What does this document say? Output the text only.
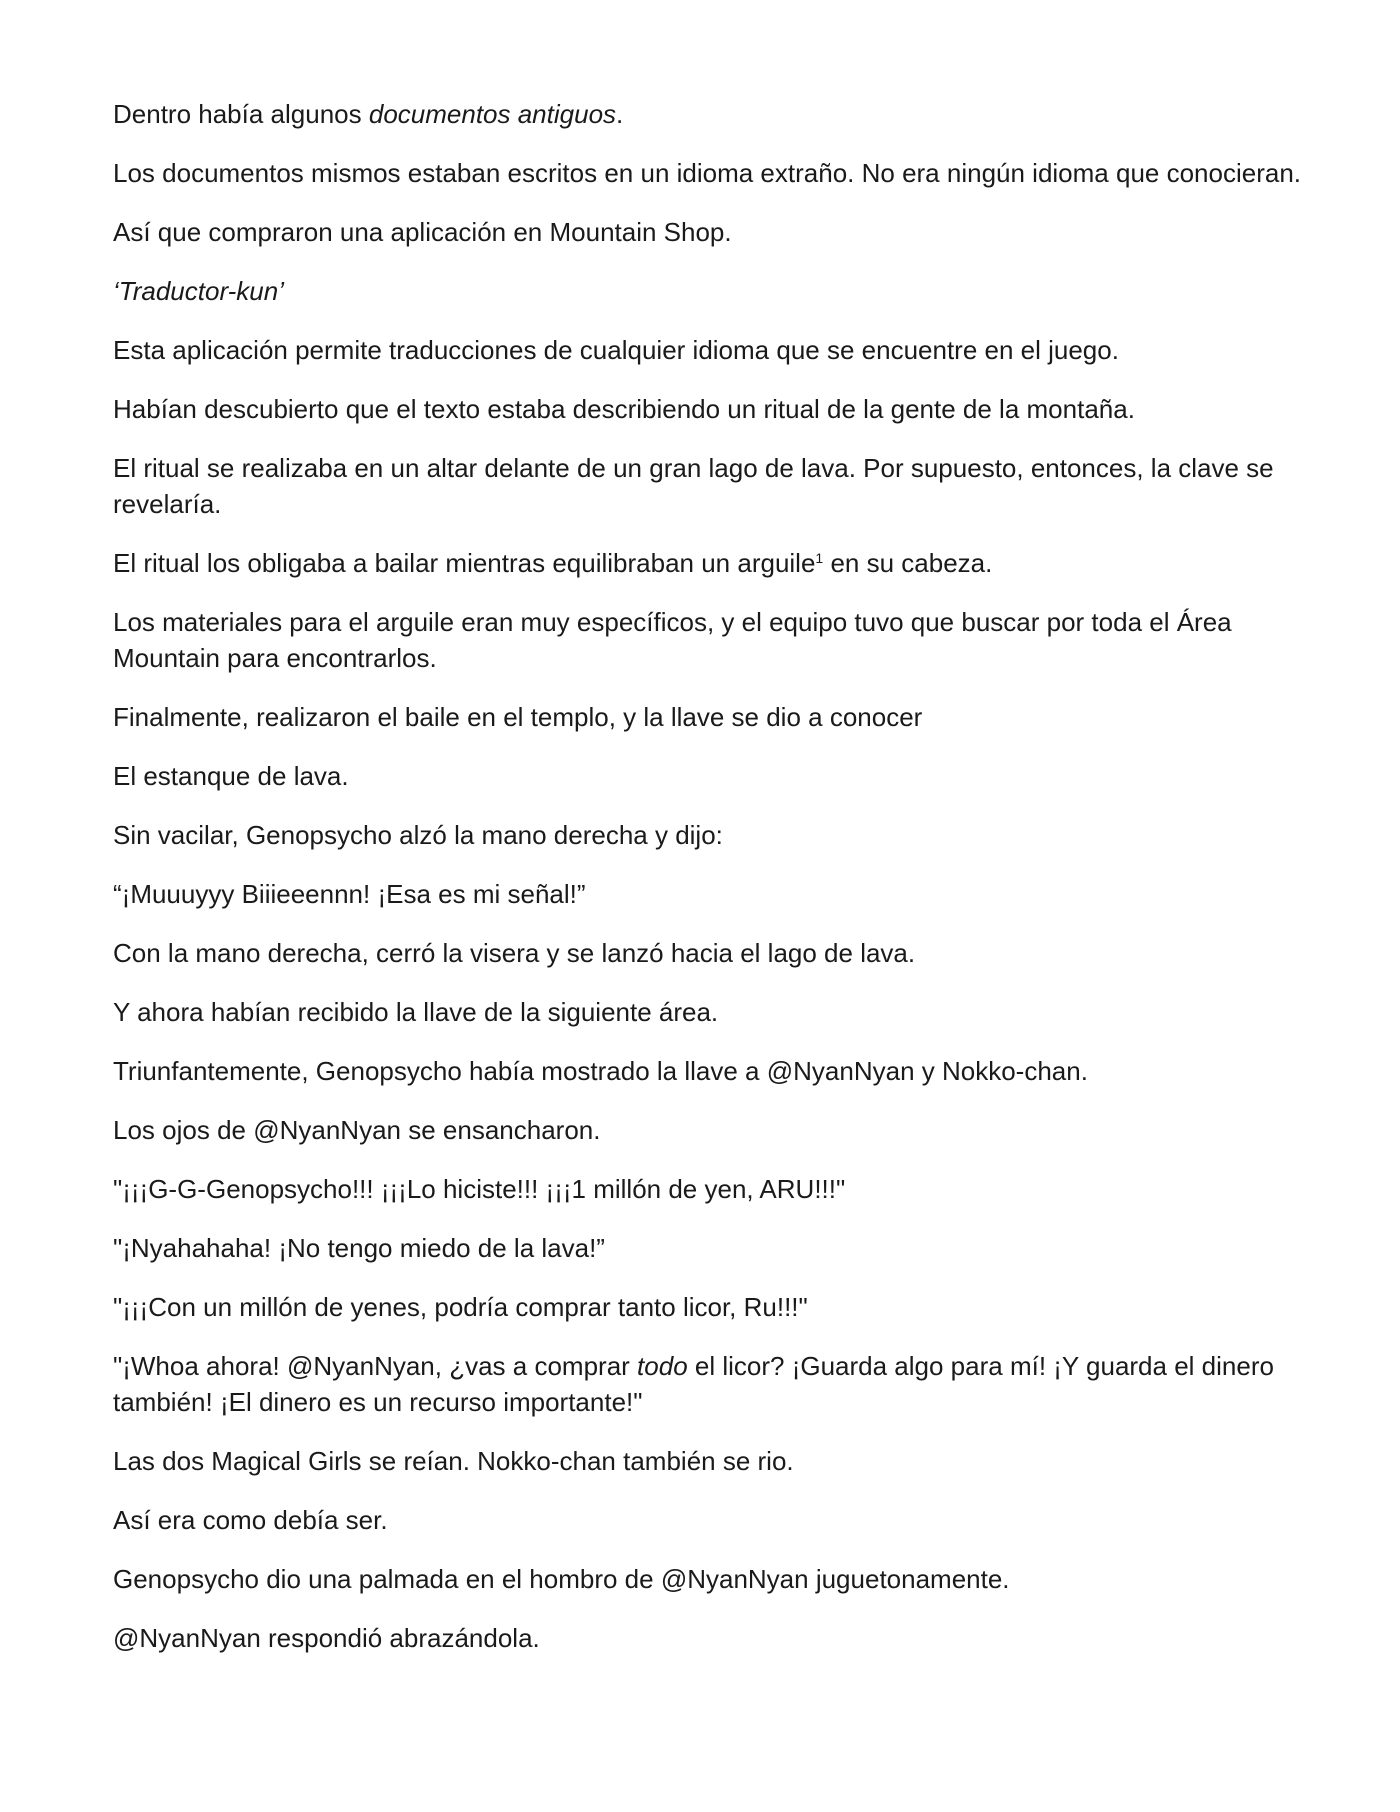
Dentro había algunos documentos antiguos.

Los documentos mismos estaban escritos en un idioma extraño. No era ningún idioma que conocieran.

Así que compraron una aplicación en Mountain Shop.

‘Traductor-kun’

Esta aplicación permite traducciones de cualquier idioma que se encuentre en el juego.

Habían descubierto que el texto estaba describiendo un ritual de la gente de la montaña.

El ritual se realizaba en un altar delante de un gran lago de lava. Por supuesto, entonces, la clave se revelaría.

El ritual los obligaba a bailar mientras equilibraban un arguile$^1$ en su cabeza.

Los materiales para el arguile eran muy específicos, y el equipo tuvo que buscar por toda el Área Mountain para encontrarlos.

Finalmente, realizaron el baile en el templo, y la llave se dio a conocer

El estanque de lava.

Sin vacilar, Genopsycho alzó la mano derecha y dijo:

“¡Muuuyyy Biiieeennn! ¡Esa es mi señal!”

Con la mano derecha, cerró la visera y se lanzó hacia el lago de lava.

Y ahora habían recibido la llave de la siguiente área.

Triunfantemente, Genopsycho había mostrado la llave a @NyanNyan y Nokko-chan.

Los ojos de @NyanNyan se ensancharon.

"¡¡¡G-G-Genopsycho!!! ¡¡¡Lo hiciste!!! ¡¡¡1 millón de yen, ARU!!!"

"¡Nyahahaha! ¡No tengo miedo de la lava!”

"¡¡¡Con un millón de yenes, podría comprar tanto licor, Ru!!!"

"¡Whoa ahora! @NyanNyan, ¿vas a comprar todo el licor? ¡Guarda algo para mí! ¡Y guarda el dinero también! ¡El dinero es un recurso importante!"

Las dos Magical Girls se reían. Nokko-chan también se rio.

Así era como debía ser.

Genopsycho dio una palmada en el hombro de @NyanNyan juguetonamente.

@NyanNyan respondió abrazándola.
